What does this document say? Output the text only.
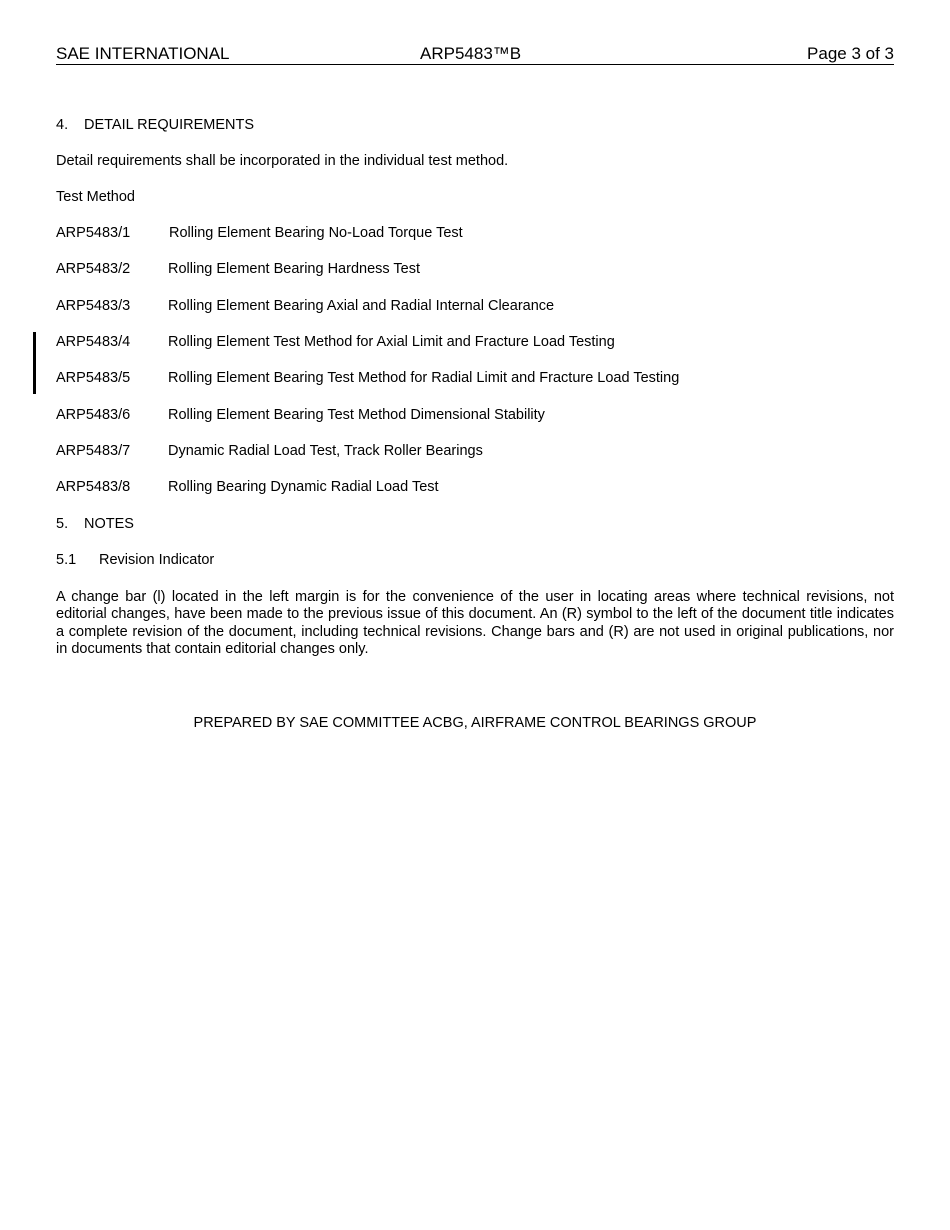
SAE INTERNATIONAL	ARP5483™B	Page 3 of 3
4. DETAIL REQUIREMENTS
Detail requirements shall be incorporated in the individual test method.
Test Method
ARP5483/1	Rolling Element Bearing No-Load Torque Test
ARP5483/2	Rolling Element Bearing Hardness Test
ARP5483/3	Rolling Element Bearing Axial and Radial Internal Clearance
ARP5483/4	Rolling Element Test Method for Axial Limit and Fracture Load Testing
ARP5483/5	Rolling Element Bearing Test Method for Radial Limit and Fracture Load Testing
ARP5483/6	Rolling Element Bearing Test Method Dimensional Stability
ARP5483/7	Dynamic Radial Load Test, Track Roller Bearings
ARP5483/8	Rolling Bearing Dynamic Radial Load Test
5. NOTES
5.1 Revision Indicator
A change bar (l) located in the left margin is for the convenience of the user in locating areas where technical revisions, not editorial changes, have been made to the previous issue of this document. An (R) symbol to the left of the document title indicates a complete revision of the document, including technical revisions. Change bars and (R) are not used in original publications, nor in documents that contain editorial changes only.
PREPARED BY SAE COMMITTEE ACBG, AIRFRAME CONTROL BEARINGS GROUP
